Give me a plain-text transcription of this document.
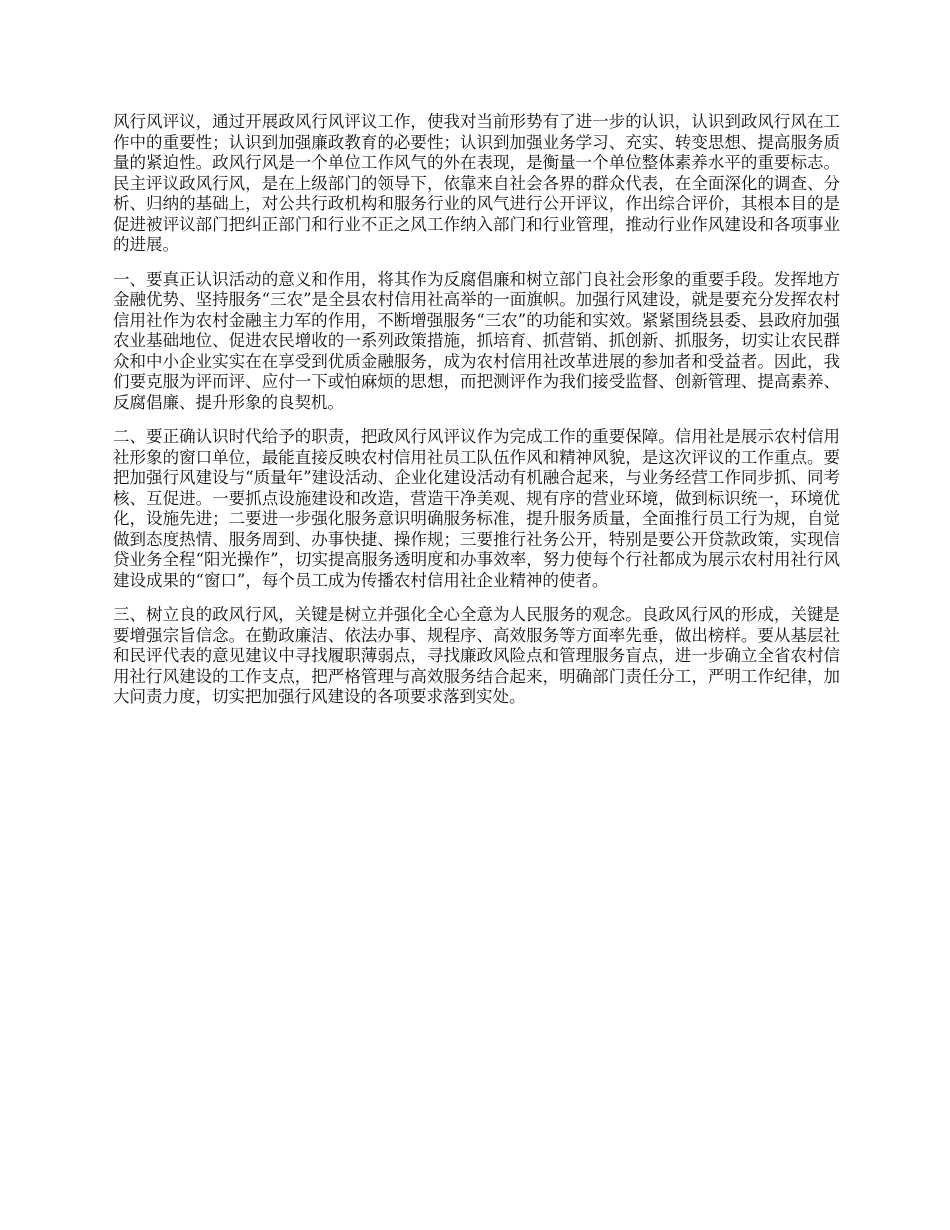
风行风评议，通过开展政风行风评议工作，使我对当前形势有了进一步的认识，认识到政风行风在工作中的重要性；认识到加强廉政教育的必要性；认识到加强业务学习、充实、转变思想、提高服务质量的紧迫性。政风行风是一个单位工作风气的外在表现，是衡量一个单位整体素养水平的重要标志。民主评议政风行风，是在上级部门的领导下，依靠来自社会各界的群众代表，在全面深化的调查、分析、归纳的基础上，对公共行政机构和服务行业的风气进行公开评议，作出综合评价，其根本目的是促进被评议部门把纠正部门和行业不正之风工作纳入部门和行业管理，推动行业作风建设和各项事业的进展。

一、要真正认识活动的意义和作用，将其作为反腐倡廉和树立部门良社会形象的重要手段。发挥地方金融优势、坚持服务“三农”是全县农村信用社高举的一面旗帜。加强行风建设，就是要充分发挥农村信用社作为农村金融主力军的作用，不断增强服务“三农”的功能和实效。紧紧围绕县委、县政府加强农业基础地位、促进农民增收的一系列政策措施，抓培育、抓营销、抓创新、抓服务，切实让农民群众和中小企业实实在在享受到优质金融服务，成为农村信用社改革进展的参加者和受益者。因此，我们要克服为评而评、应付一下或怕麻烦的思想，而把测评作为我们接受监督、创新管理、提高素养、反腐倡廉、提升形象的良契机。

二、要正确认识时代给予的职责，把政风行风评议作为完成工作的重要保障。信用社是展示农村信用社形象的窗口单位，最能直接反映农村信用社员工队伍作风和精神风貌，是这次评议的工作重点。要把加强行风建设与“质量年”建设活动、企业化建设活动有机融合起来，与业务经营工作同步抓、同考核、互促进。一要抓点设施建设和改造，营造干净美观、规有序的营业环境，做到标识统一，环境优化，设施先进；二要进一步强化服务意识明确服务标准，提升服务质量，全面推行员工行为规，自觉做到态度热情、服务周到、办事快捷、操作规；三要推行社务公开，特别是要公开贷款政策，实现信贷业务全程“阳光操作”，切实提高服务透明度和办事效率，努力使每个行社都成为展示农村用社行风建设成果的“窗口”，每个员工成为传播农村信用社企业精神的使者。

三、树立良的政风行风，关键是树立并强化全心全意为人民服务的观念。良政风行风的形成，关键是要增强宗旨信念。在勤政廉洁、依法办事、规程序、高效服务等方面率先垂，做出榜样。要从基层社和民评代表的意见建议中寻找履职薄弱点，寻找廉政风险点和管理服务盲点，进一步确立全省农村信用社行风建设的工作支点，把严格管理与高效服务结合起来，明确部门责任分工，严明工作纪律，加大问责力度，切实把加强行风建设的各项要求落到实处。
